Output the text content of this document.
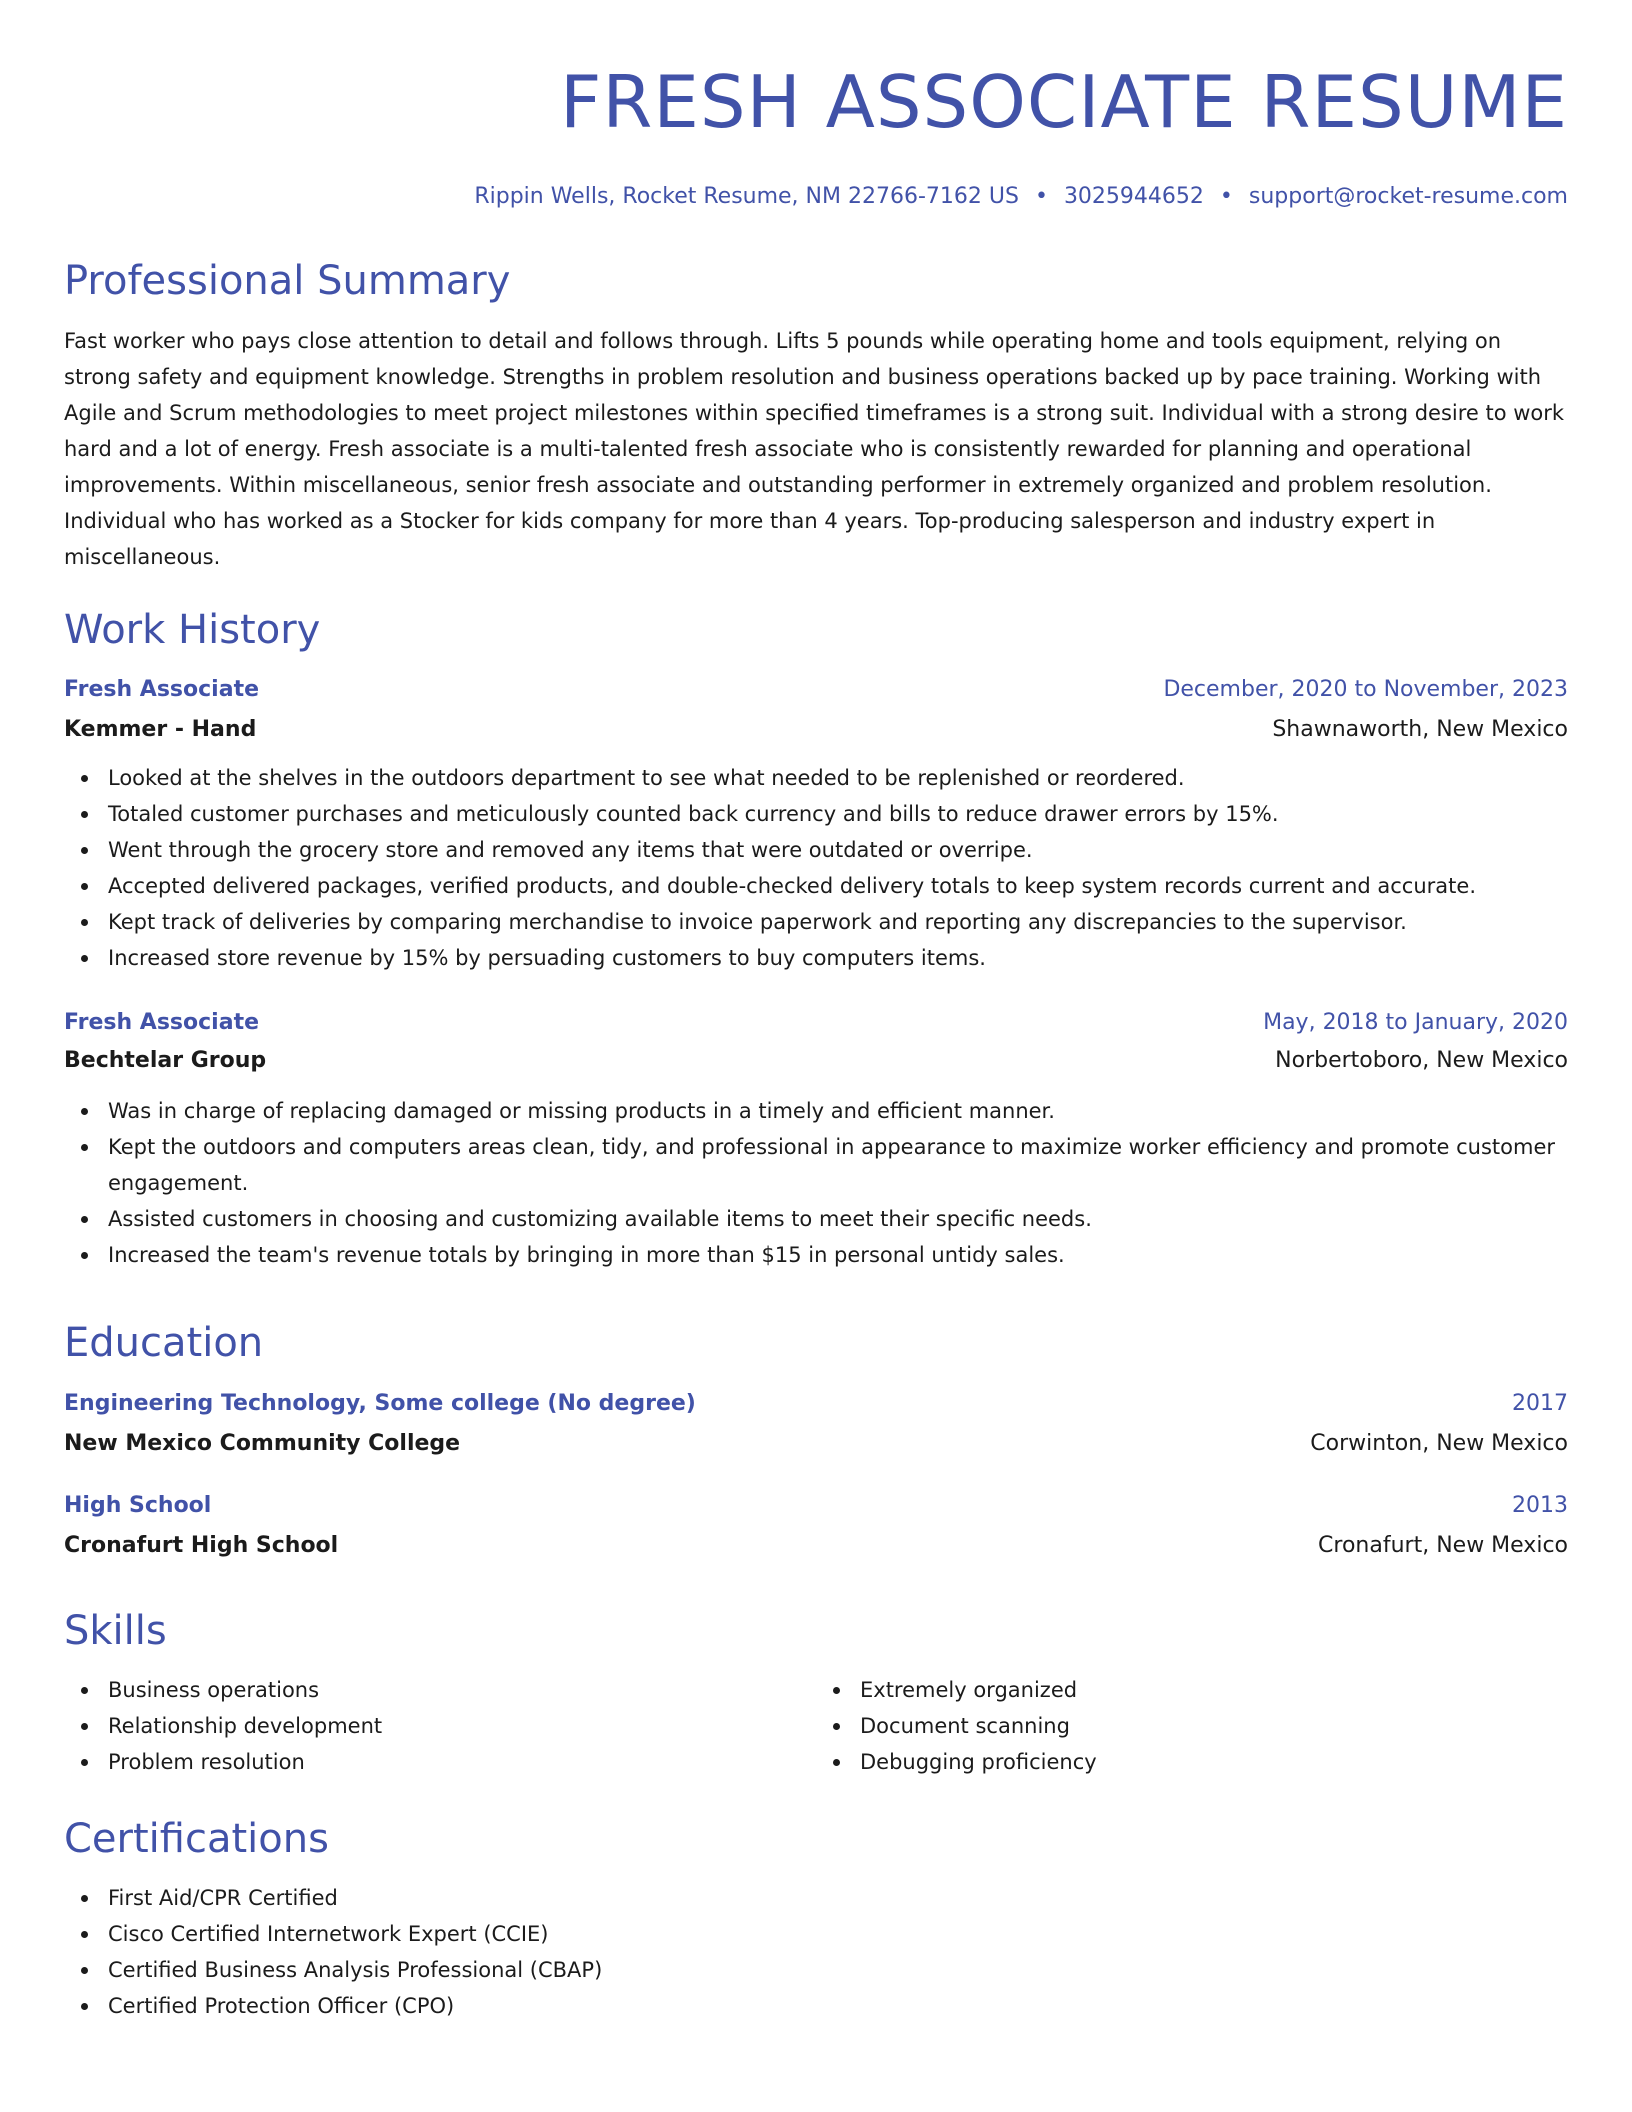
FRESH ASSOCIATE RESUME
Rippin Wells, Rocket Resume, NM 22766-7162 US • 3025944652 • support@rocket-resume.com
Professional Summary
Fast worker who pays close attention to detail and follows through. Lifts 5 pounds while operating home and tools equipment, relying on strong safety and equipment knowledge. Strengths in problem resolution and business operations backed up by pace training. Working with Agile and Scrum methodologies to meet project milestones within specified timeframes is a strong suit. Individual with a strong desire to work hard and a lot of energy. Fresh associate is a multi-talented fresh associate who is consistently rewarded for planning and operational improvements. Within miscellaneous, senior fresh associate and outstanding performer in extremely organized and problem resolution. Individual who has worked as a Stocker for kids company for more than 4 years. Top-producing salesperson and industry expert in miscellaneous.
Work History
Fresh Associate	December, 2020 to November, 2023
Kemmer - Hand	Shawnaworth, New Mexico
Looked at the shelves in the outdoors department to see what needed to be replenished or reordered.
Totaled customer purchases and meticulously counted back currency and bills to reduce drawer errors by 15%.
Went through the grocery store and removed any items that were outdated or overripe.
Accepted delivered packages, verified products, and double-checked delivery totals to keep system records current and accurate.
Kept track of deliveries by comparing merchandise to invoice paperwork and reporting any discrepancies to the supervisor.
Increased store revenue by 15% by persuading customers to buy computers items.
Fresh Associate	May, 2018 to January, 2020
Bechtelar Group	Norbertoboro, New Mexico
Was in charge of replacing damaged or missing products in a timely and efficient manner.
Kept the outdoors and computers areas clean, tidy, and professional in appearance to maximize worker efficiency and promote customer engagement.
Assisted customers in choosing and customizing available items to meet their specific needs.
Increased the team's revenue totals by bringing in more than $15 in personal untidy sales.
Education
Engineering Technology, Some college (No degree)	2017
New Mexico Community College	Corwinton, New Mexico
High School	2013
Cronafurt High School	Cronafurt, New Mexico
Skills
Business operations
Relationship development
Problem resolution
Extremely organized
Document scanning
Debugging proficiency
Certifications
First Aid/CPR Certified
Cisco Certified Internetwork Expert (CCIE)
Certified Business Analysis Professional (CBAP)
Certified Protection Officer (CPO)
